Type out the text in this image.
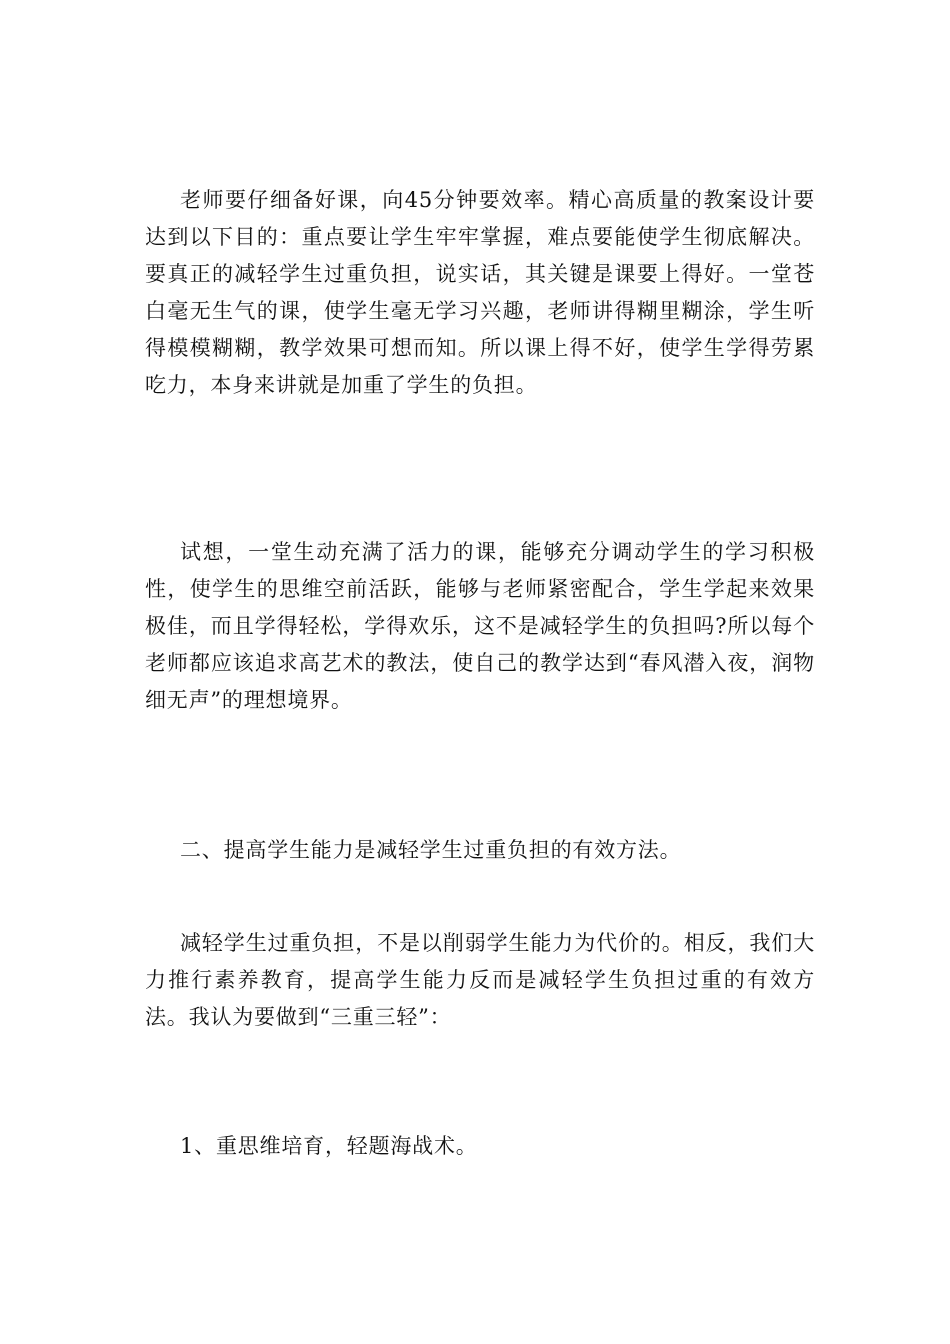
老师要仔细备好课，向45分钟要效率。精心高质量的教案设计要达到以下目的：重点要让学生牢牢掌握，难点要能使学生彻底解决。要真正的减轻学生过重负担，说实话，其关键是课要上得好。一堂苍白毫无生气的课，使学生毫无学习兴趣，老师讲得糊里糊涂，学生听得模模糊糊，教学效果可想而知。所以课上得不好，使学生学得劳累吃力，本身来讲就是加重了学生的负担。

试想，一堂生动充满了活力的课，能够充分调动学生的学习积极性，使学生的思维空前活跃，能够与老师紧密配合，学生学起来效果极佳，而且学得轻松，学得欢乐，这不是减轻学生的负担吗?所以每个老师都应该追求高艺术的教法，使自己的教学达到“春风潜入夜，润物细无声”的理想境界。

二、提高学生能力是减轻学生过重负担的有效方法。

减轻学生过重负担，不是以削弱学生能力为代价的。相反，我们大力推行素养教育，提高学生能力反而是减轻学生负担过重的有效方法。我认为要做到“三重三轻”：

1、重思维培育，轻题海战术。
